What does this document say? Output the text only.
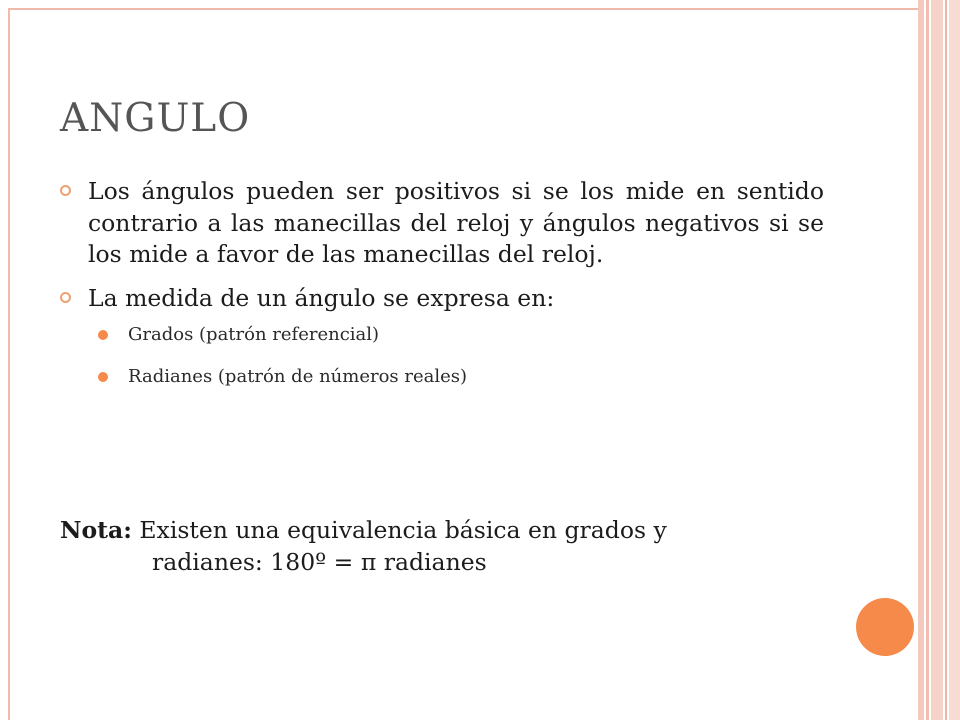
ANGULO
Los ángulos pueden ser positivos si se los mide en sentido contrario a las manecillas del reloj y ángulos negativos si se los mide a favor de las manecillas del reloj.
La medida de un ángulo se expresa en:
Grados (patrón referencial)
Radianes (patrón de números reales)
Nota: Existen una equivalencia básica en grados y
radianes: 180º = π radianes
